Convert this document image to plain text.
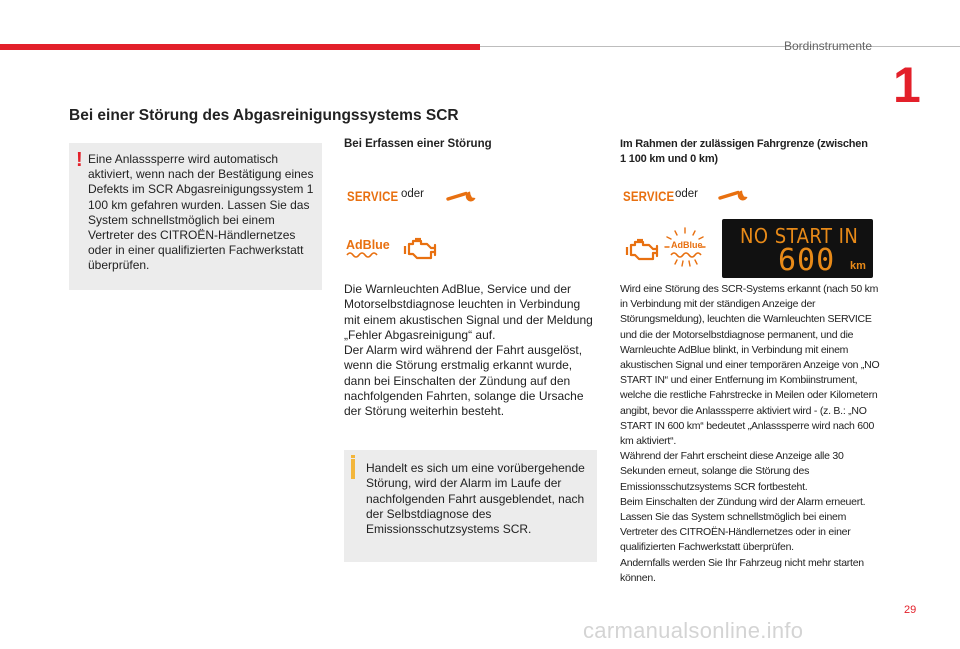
Bordinstrumente
1
Bei einer Störung des Abgasreinigungssystems SCR
! Eine Anlasssperre wird automatisch aktiviert, wenn nach der Bestätigung eines Defekts im SCR Abgasreinigungssystem 1 100 km gefahren wurden. Lassen Sie das System schnellstmöglich bei einem Vertreter des CITROËN-Händlernetzes oder in einer qualifizierten Fachwerkstatt überprüfen.
Bei Erfassen einer Störung
SERVICE oder
AdBlue

Die Warnleuchten AdBlue, Service und der Motorselbstdiagnose leuchten in Verbindung mit einem akustischen Signal und der Meldung „Fehler Abgasreinigung“ auf.

Der Alarm wird während der Fahrt ausgelöst, wenn die Störung erstmalig erkannt wurde, dann bei Einschalten der Zündung auf den nachfolgenden Fahrten, solange die Ursache der Störung weiterhin besteht.

Handelt es sich um eine vorübergehende Störung, wird der Alarm im Laufe der nachfolgenden Fahrt ausgeblendet, nach der Selbstdiagnose des Emissionsschutzsystems SCR.
Im Rahmen der zulässigen Fahrgrenze (zwischen 1 100 km und 0 km)
SERVICE oder
AdBlue NO START IN
600 km

Wird eine Störung des SCR-Systems erkannt (nach 50 km in Verbindung mit der ständigen Anzeige der Störungsmeldung), leuchten die Warnleuchten SERVICE und die der Motorselbstdiagnose permanent, und die Warnleuchte AdBlue blinkt, in Verbindung mit einem akustischen Signal und einer temporären Anzeige von „NO START IN“ und einer Entfernung im Kombiinstrument, welche die restliche Fahrstrecke in Meilen oder Kilometern angibt, bevor die Anlasssperre aktiviert wird - (z. B.: „NO START IN 600 km“ bedeutet „Anlasssperre wird nach 600 km aktiviert“.

Während der Fahrt erscheint diese Anzeige alle 30 Sekunden erneut, solange die Störung des Emissionsschutzsystems SCR fortbesteht.

Beim Einschalten der Zündung wird der Alarm erneuert. Lassen Sie das System schnellstmöglich bei einem Vertreter des CITROËN-Händlernetzes oder in einer qualifizierten Fachwerkstatt überprüfen.

Andernfalls werden Sie Ihr Fahrzeug nicht mehr starten können.

29
carmanualsonline.info
